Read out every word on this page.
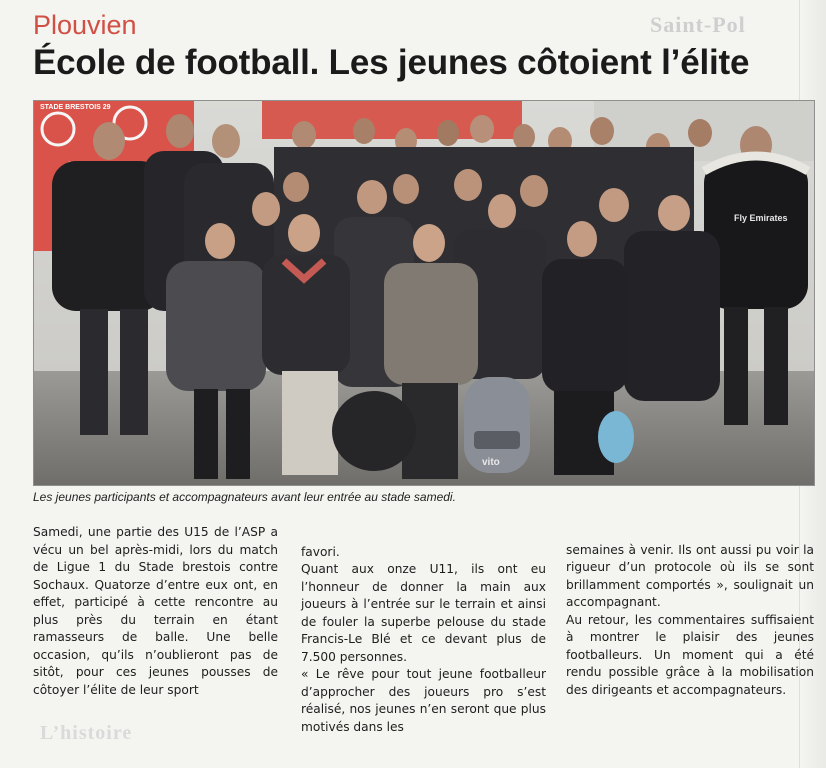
Saint-Pol
L’histoire
Plouvien
École de football. Les jeunes côtoient l’élite
STADE BRESTOIS 29
Fly Emirates
vito
Les jeunes participants et accompagnateurs avant leur entrée au stade samedi.
Samedi, une partie des U15 de l’ASP a vécu un bel après-midi, lors du match de Ligue 1 du Stade brestois contre Sochaux. Quatorze d’entre eux ont, en effet, participé à cette rencontre au plus près du terrain en étant ramasseurs de balle. Une belle occasion, qu’ils n’oublieront pas de sitôt, pour ces jeunes pousses de côtoyer l’élite de leur sport

favori.
Quant aux onze U11, ils ont eu l’honneur de donner la main aux joueurs à l’entrée sur le terrain et ainsi de fouler la superbe pelouse du stade Francis-Le Blé et ce devant plus de 7.500 personnes.
« Le rêve pour tout jeune footballeur d’approcher des joueurs pro s’est réalisé, nos jeunes n’en seront que plus motivés dans les

semaines à venir. Ils ont aussi pu voir la rigueur d’un protocole où ils se sont brillamment comportés », soulignait un accompagnant.
Au retour, les commentaires suffisaient à montrer le plaisir des jeunes footballeurs. Un moment qui a été rendu possible grâce à la mobilisation des dirigeants et accompagnateurs.
